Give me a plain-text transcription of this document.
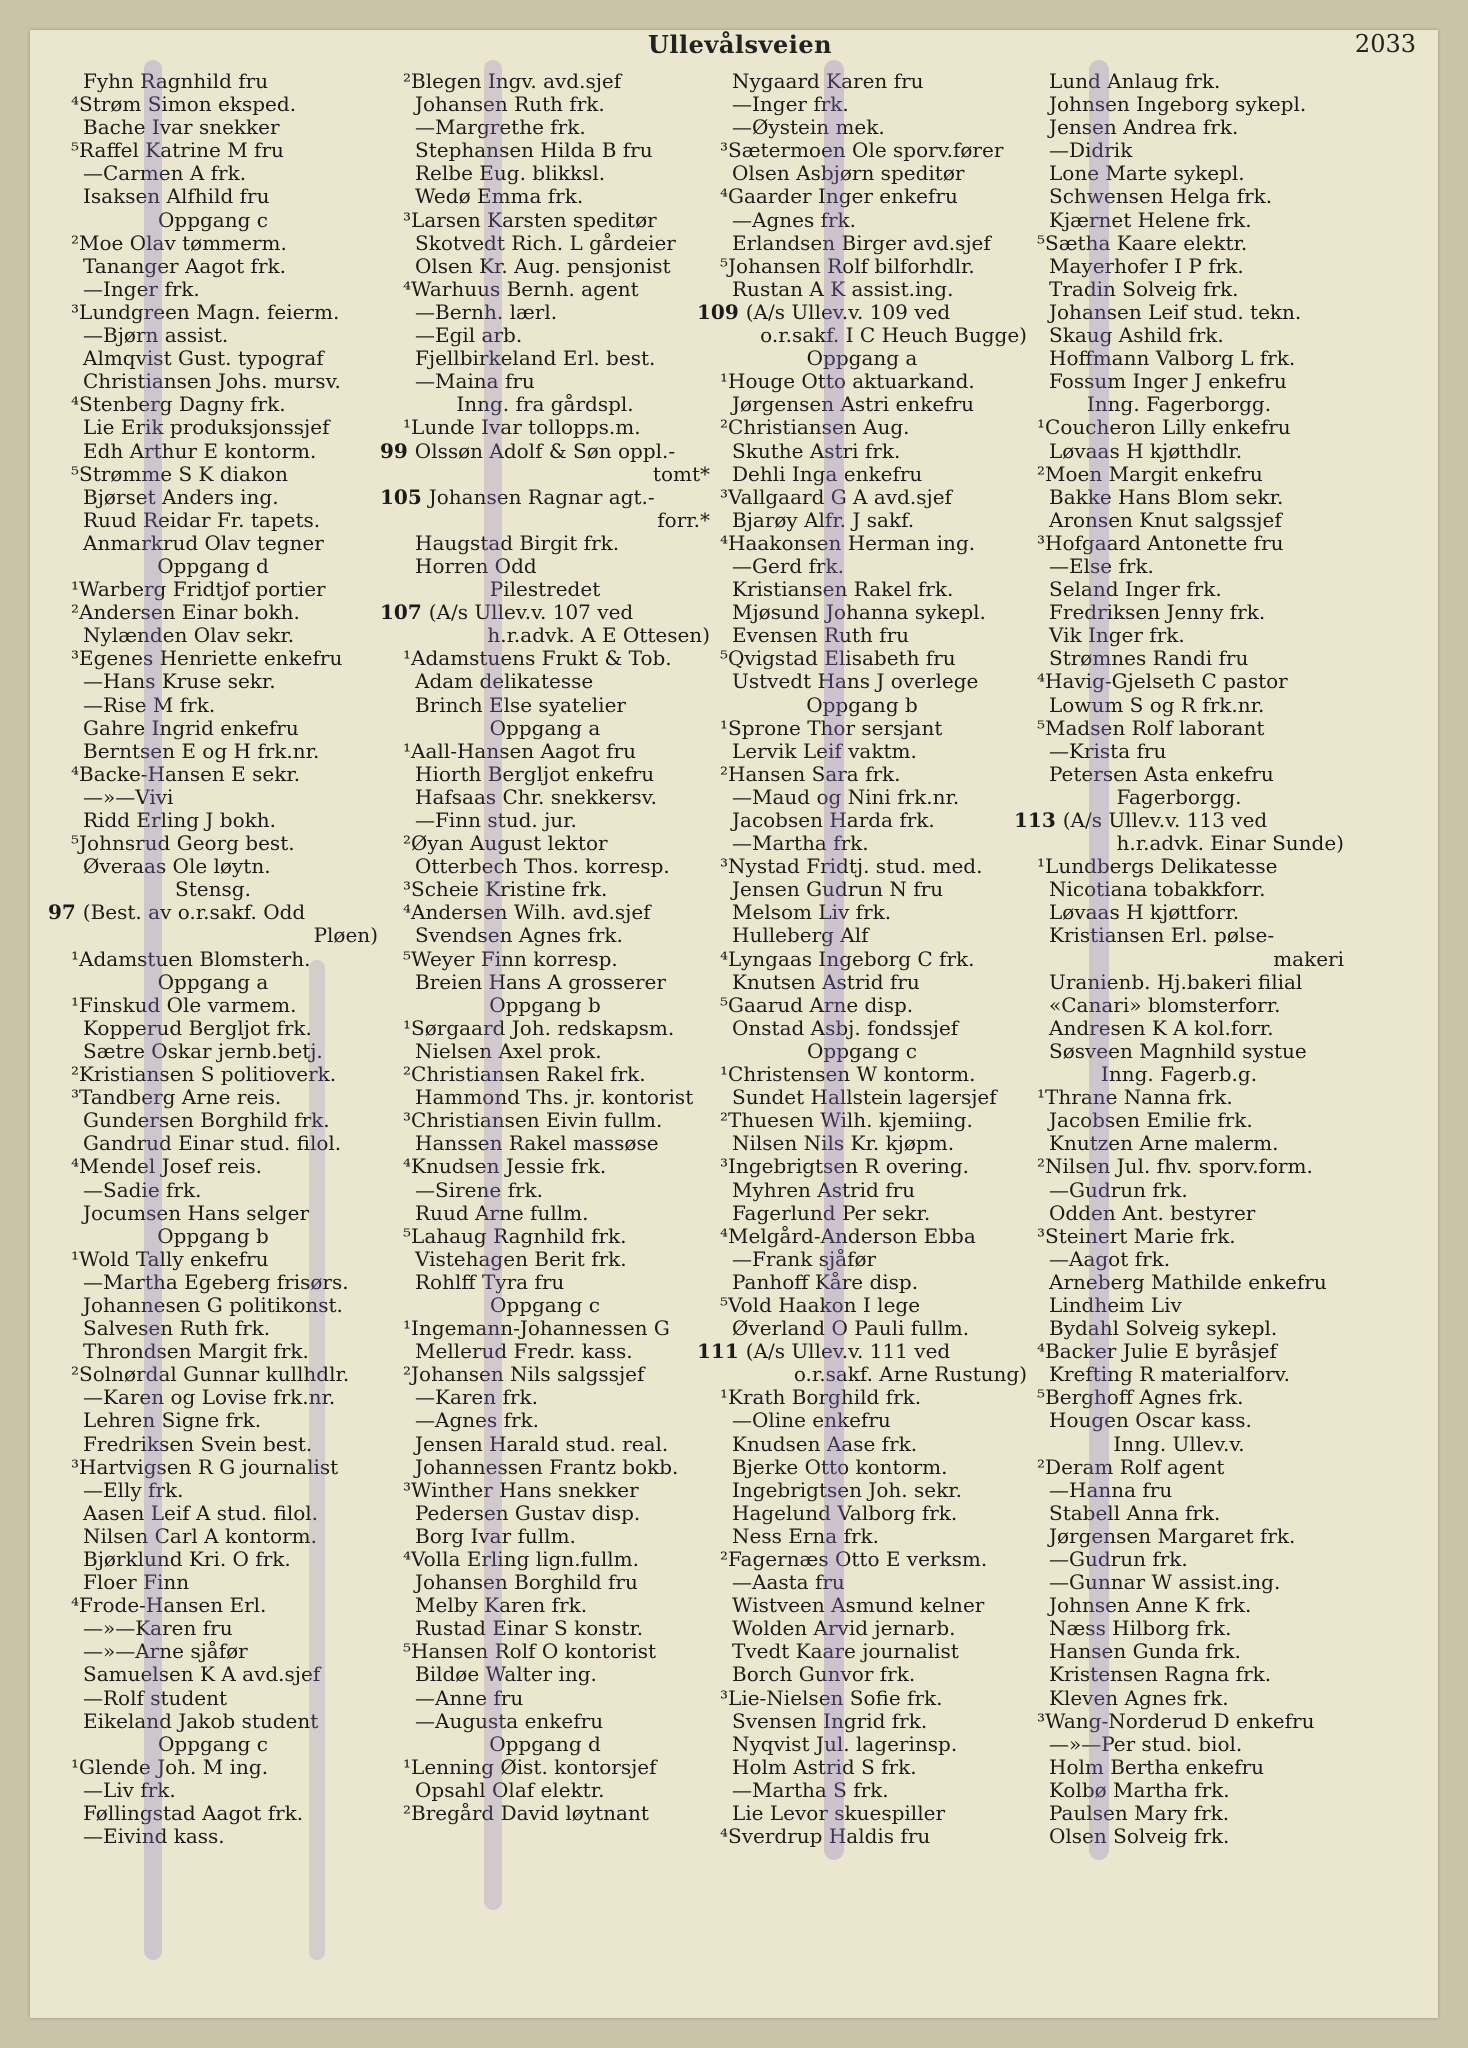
Ullevålsveien	2033
Fyhn Ragnhild fru
⁴Strøm Simon eksped.
Bache Ivar snekker
⁵Raffel Katrine M fru
—Carmen A frk.
Isaksen Alfhild fru
Oppgang c
²Moe Olav tømmerm.
Tananger Aagot frk.
—Inger frk.
³Lundgreen Magn. feierm.
—Bjørn assist.
Almqvist Gust. typograf
Christiansen Johs. mursv.
⁴Stenberg Dagny frk.
Lie Erik produksjonssjef
Edh Arthur E kontorm.
⁵Strømme S K diakon
Bjørset Anders ing.
Ruud Reidar Fr. tapets.
Anmarkrud Olav tegner
Oppgang d
¹Warberg Fridtjof portier
²Andersen Einar bokh.
Nylænden Olav sekr.
³Egenes Henriette enkefru
—Hans Kruse sekr.
—Rise M frk.
Gahre Ingrid enkefru
Berntsen E og H frk.nr.
⁴Backe-Hansen E sekr.
—»—Vivi
Ridd Erling J bokh.
⁵Johnsrud Georg best.
Øveraas Ole løytn.
Stensg.
97 (Best. av o.r.sakf. Odd
Pløen)
¹Adamstuen Blomsterh.
Oppgang a
¹Finskud Ole varmem.
Kopperud Bergljot frk.
Sætre Oskar jernb.betj.
²Kristiansen S politioverk.
³Tandberg Arne reis.
Gundersen Borghild frk.
Gandrud Einar stud. filol.
⁴Mendel Josef reis.
—Sadie frk.
Jocumsen Hans selger
Oppgang b
¹Wold Tally enkefru
—Martha Egeberg frisørs.
Johannesen G politikonst.
Salvesen Ruth frk.
Throndsen Margit frk.
²Solnørdal Gunnar kullhdlr.
—Karen og Lovise frk.nr.
Lehren Signe frk.
Fredriksen Svein best.
³Hartvigsen R G journalist
—Elly frk.
Aasen Leif A stud. filol.
Nilsen Carl A kontorm.
Bjørklund Kri. O frk.
Floer Finn
⁴Frode-Hansen Erl.
—»—Karen fru
—»—Arne sjåfør
Samuelsen K A avd.sjef
—Rolf student
Eikeland Jakob student
Oppgang c
¹Glende Joh. M ing.
—Liv frk.
Føllingstad Aagot frk.
—Eivind kass.
²Blegen Ingv. avd.sjef
Johansen Ruth frk.
—Margrethe frk.
Stephansen Hilda B fru
Relbe Eug. blikksl.
Wedø Emma frk.
³Larsen Karsten speditør
Skotvedt Rich. L gårdeier
Olsen Kr. Aug. pensjonist
⁴Warhuus Bernh. agent
—Bernh. lærl.
—Egil arb.
Fjellbirkeland Erl. best.
—Maina fru
Inng. fra gårdspl.
¹Lunde Ivar tollopps.m.
99 Olssøn Adolf & Søn oppl.-
tomt*
105 Johansen Ragnar agt.-
forr.*
Haugstad Birgit frk.
Horren Odd
Pilestredet
107 (A/s Ullev.v. 107 ved
h.r.advk. A E Ottesen)
¹Adamstuens Frukt & Tob.
Adam delikatesse
Brinch Else syatelier
Oppgang a
¹Aall-Hansen Aagot fru
Hiorth Bergljot enkefru
Hafsaas Chr. snekkersv.
—Finn stud. jur.
²Øyan August lektor
Otterbech Thos. korresp.
³Scheie Kristine frk.
⁴Andersen Wilh. avd.sjef
Svendsen Agnes frk.
⁵Weyer Finn korresp.
Breien Hans A grosserer
Oppgang b
¹Sørgaard Joh. redskapsm.
Nielsen Axel prok.
²Christiansen Rakel frk.
Hammond Ths. jr. kontorist
³Christiansen Eivin fullm.
Hanssen Rakel massøse
⁴Knudsen Jessie frk.
—Sirene frk.
Ruud Arne fullm.
⁵Lahaug Ragnhild frk.
Vistehagen Berit frk.
Rohlff Tyra fru
Oppgang c
¹Ingemann-Johannessen G
Mellerud Fredr. kass.
²Johansen Nils salgssjef
—Karen frk.
—Agnes frk.
Jensen Harald stud. real.
Johannessen Frantz bokb.
³Winther Hans snekker
Pedersen Gustav disp.
Borg Ivar fullm.
⁴Volla Erling lign.fullm.
Johansen Borghild fru
Melby Karen frk.
Rustad Einar S konstr.
⁵Hansen Rolf O kontorist
Bildøe Walter ing.
—Anne fru
—Augusta enkefru
Oppgang d
¹Lenning Øist. kontorsjef
Opsahl Olaf elektr.
²Bregård David løytnant
Nygaard Karen fru
—Inger frk.
—Øystein mek.
³Sætermoen Ole sporv.fører
Olsen Asbjørn speditør
⁴Gaarder Inger enkefru
—Agnes frk.
Erlandsen Birger avd.sjef
⁵Johansen Rolf bilforhdlr.
Rustan A K assist.ing.
109 (A/s Ullev.v. 109 ved
o.r.sakf. I C Heuch Bugge)
Oppgang a
¹Houge Otto aktuarkand.
Jørgensen Astri enkefru
²Christiansen Aug.
Skuthe Astri frk.
Dehli Inga enkefru
³Vallgaard G A avd.sjef
Bjarøy Alfr. J sakf.
⁴Haakonsen Herman ing.
—Gerd frk.
Kristiansen Rakel frk.
Mjøsund Johanna sykepl.
Evensen Ruth fru
⁵Qvigstad Elisabeth fru
Ustvedt Hans J overlege
Oppgang b
¹Sprone Thor sersjant
Lervik Leif vaktm.
²Hansen Sara frk.
—Maud og Nini frk.nr.
Jacobsen Harda frk.
—Martha frk.
³Nystad Fridtj. stud. med.
Jensen Gudrun N fru
Melsom Liv frk.
Hulleberg Alf
⁴Lyngaas Ingeborg C frk.
Knutsen Astrid fru
⁵Gaarud Arne disp.
Onstad Asbj. fondssjef
Oppgang c
¹Christensen W kontorm.
Sundet Hallstein lagersjef
²Thuesen Wilh. kjemiing.
Nilsen Nils Kr. kjøpm.
³Ingebrigtsen R overing.
Myhren Astrid fru
Fagerlund Per sekr.
⁴Melgård-Anderson Ebba
—Frank sjåfør
Panhoff Kåre disp.
⁵Vold Haakon I lege
Øverland O Pauli fullm.
111 (A/s Ullev.v. 111 ved
o.r.sakf. Arne Rustung)
¹Krath Borghild frk.
—Oline enkefru
Knudsen Aase frk.
Bjerke Otto kontorm.
Ingebrigtsen Joh. sekr.
Hagelund Valborg frk.
Ness Erna frk.
²Fagernæs Otto E verksm.
—Aasta fru
Wistveen Asmund kelner
Wolden Arvid jernarb.
Tvedt Kaare journalist
Borch Gunvor frk.
³Lie-Nielsen Sofie frk.
Svensen Ingrid frk.
Nyqvist Jul. lagerinsp.
Holm Astrid S frk.
—Martha S frk.
Lie Levor skuespiller
⁴Sverdrup Haldis fru
Lund Anlaug frk.
Johnsen Ingeborg sykepl.
Jensen Andrea frk.
—Didrik
Lone Marte sykepl.
Schwensen Helga frk.
Kjærnet Helene frk.
⁵Sætha Kaare elektr.
Mayerhofer I P frk.
Tradin Solveig frk.
Johansen Leif stud. tekn.
Skaug Ashild frk.
Hoffmann Valborg L frk.
Fossum Inger J enkefru
Inng. Fagerborgg.
¹Coucheron Lilly enkefru
Løvaas H kjøtthdlr.
²Moen Margit enkefru
Bakke Hans Blom sekr.
Aronsen Knut salgssjef
³Hofgaard Antonette fru
—Else frk.
Seland Inger frk.
Fredriksen Jenny frk.
Vik Inger frk.
Strømnes Randi fru
⁴Havig-Gjelseth C pastor
Lowum S og R frk.nr.
⁵Madsen Rolf laborant
—Krista fru
Petersen Asta enkefru
Fagerborgg.
113 (A/s Ullev.v. 113 ved
h.r.advk. Einar Sunde)
¹Lundbergs Delikatesse
Nicotiana tobakkforr.
Løvaas H kjøttforr.
Kristiansen Erl. pølse-
makeri
Uranienb. Hj.bakeri filial
«Canari» blomsterforr.
Andresen K A kol.forr.
Søsveen Magnhild systue
Inng. Fagerb.g.
¹Thrane Nanna frk.
Jacobsen Emilie frk.
Knutzen Arne malerm.
²Nilsen Jul. fhv. sporv.form.
—Gudrun frk.
Odden Ant. bestyrer
³Steinert Marie frk.
—Aagot frk.
Arneberg Mathilde enkefru
Lindheim Liv
Bydahl Solveig sykepl.
⁴Backer Julie E byråsjef
Krefting R materialforv.
⁵Berghoff Agnes frk.
Hougen Oscar kass.
Inng. Ullev.v.
²Deram Rolf agent
—Hanna fru
Stabell Anna frk.
Jørgensen Margaret frk.
—Gudrun frk.
—Gunnar W assist.ing.
Johnsen Anne K frk.
Næss Hilborg frk.
Hansen Gunda frk.
Kristensen Ragna frk.
Kleven Agnes frk.
³Wang-Norderud D enkefru
—»—Per stud. biol.
Holm Bertha enkefru
Kolbø Martha frk.
Paulsen Mary frk.
Olsen Solveig frk.
